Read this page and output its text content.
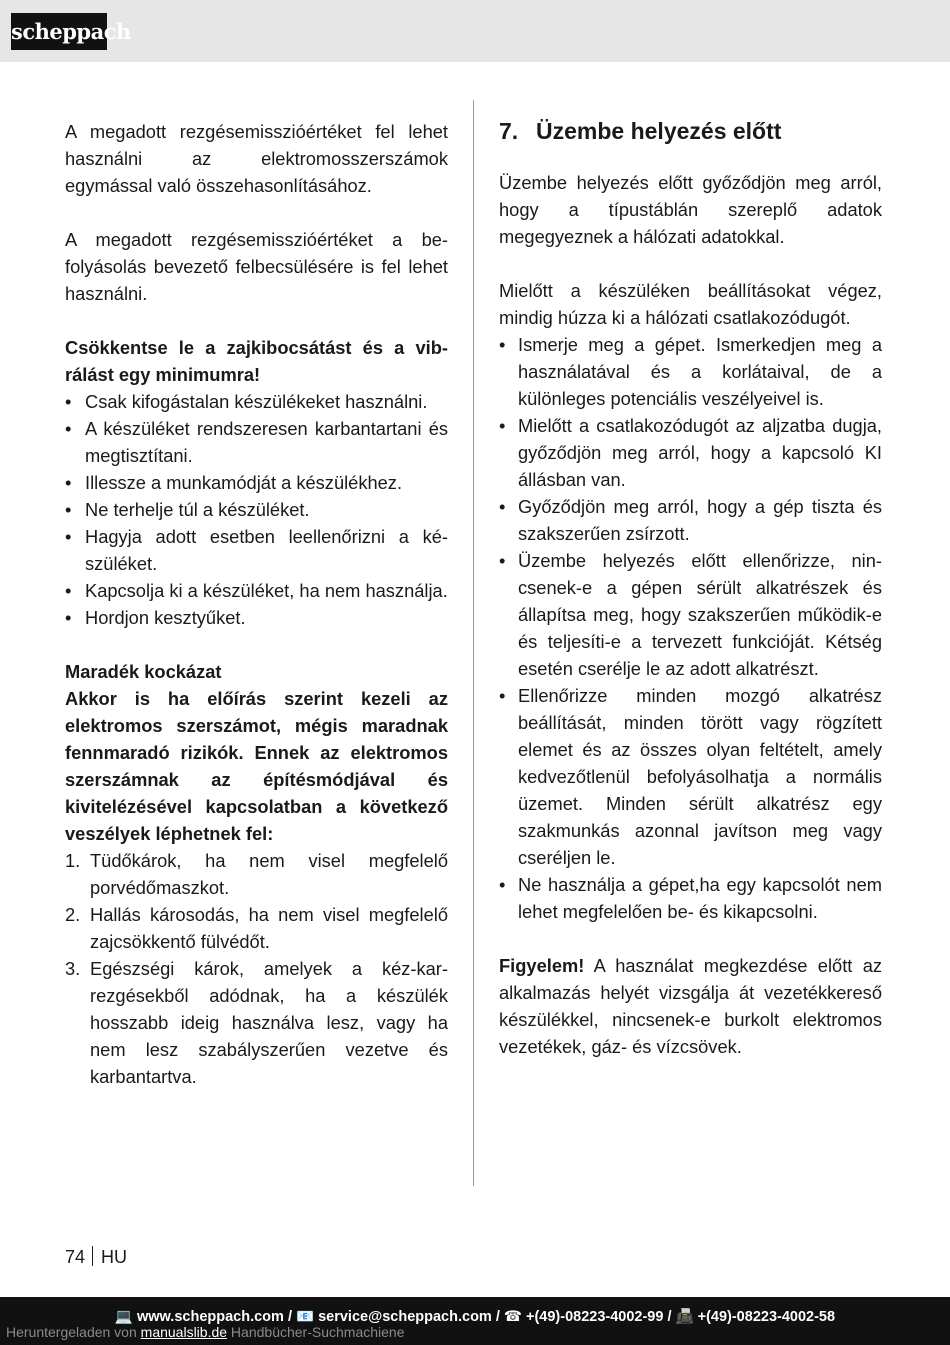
scheppach

A megadott rezgésemisszióértéket fel lehet használni az elektromosszerszámok egymással való összehasonlításához.

A megadott rezgésemisszióértéket a befolyásolás bevezető felbecsülésére is fel lehet használni.

Csökkentse le a zajkibocsátást és a vibrálást egy minimumra!

• Csak kifogástalan készülékeket használni.
• A készüléket rendszeresen karbantartani és megtisztítani.
• Illessze a munkamódját a készülékhez.
• Ne terhelje túl a készüléket.
• Hagyja adott esetben leellenőrizni a készüléket.
• Kapcsolja ki a készüléket, ha nem használja.
• Hordjon kesztyűket.

Maradék kockázat

Akkor is ha előírás szerint kezeli az elektromos szerszámot, mégis maradnak fennmaradó rizikók. Ennek az elektromos szerszámnak az építésmódjával és kivitelézésével kapcsolatban a következő veszélyek léphetnek fel:

1. Tüdőkárok, ha nem visel megfelelő porvédőmaszkot.
2. Hallás károsodás, ha nem visel megfelelő zajcsökkentő fülvédőt.
3. Egészségi károk, amelyek a kéz-kar-rezgésekből adódnak, ha a készülék hosszabb ideig használva lesz, vagy ha nem lesz szabályszerűen vezetve és karbantartva.
7. Üzembe helyezés előtt

Üzembe helyezés előtt győződjön meg arról, hogy a típustáblán szereplő adatok megegyeznek a hálózati adatokkal.

Mielőtt a készüléken beállításokat végez, mindig húzza ki a hálózati csatlakozódugót.

• Ismerje meg a gépet. Ismerkedjen meg a használatával és a korlátaival, de a különleges potenciális veszélyeivel is.
• Mielőtt a csatlakozódugót az aljzatba dugja, győződjön meg arról, hogy a kapcsoló KI állásban van.
• Győződjön meg arról, hogy a gép tiszta és szakszerűen zsírzott.
• Üzembe helyezés előtt ellenőrizze, nincsenek-e a gépen sérült alkatrészek és állapítsa meg, hogy szakszerűen működik-e és teljesíti-e a tervezett funkcióját. Kétség esetén cserélje le az adott alkatrészt.
• Ellenőrizze minden mozgó alkatrész beállítását, minden törött vagy rögzített elemet és az összes olyan feltételt, amely kedvezőtlenül befolyásolhatja a normális üzemet. Minden sérült alkatrész egy szakmunkás azonnal javítson meg vagy cseréljen le.
• Ne használja a gépet,ha egy kapcsolót nem lehet megfelelően be- és kikapcsolni.

Figyelem! A használat megkezdése előtt az alkalmazás helyét vizsgálja át vezetékkereső készülékkel, nincsenek-e burkolt elektromos vezetékek, gáz- és vízcsövek.

74 HU
💻 www.scheppach.com / 📧 service@scheppach.com / ☎ +(49)-08223-4002-99 / 📠 +(49)-08223-4002-58
Heruntergeladen von manualslib.de Handbücher-Suchmachiene
